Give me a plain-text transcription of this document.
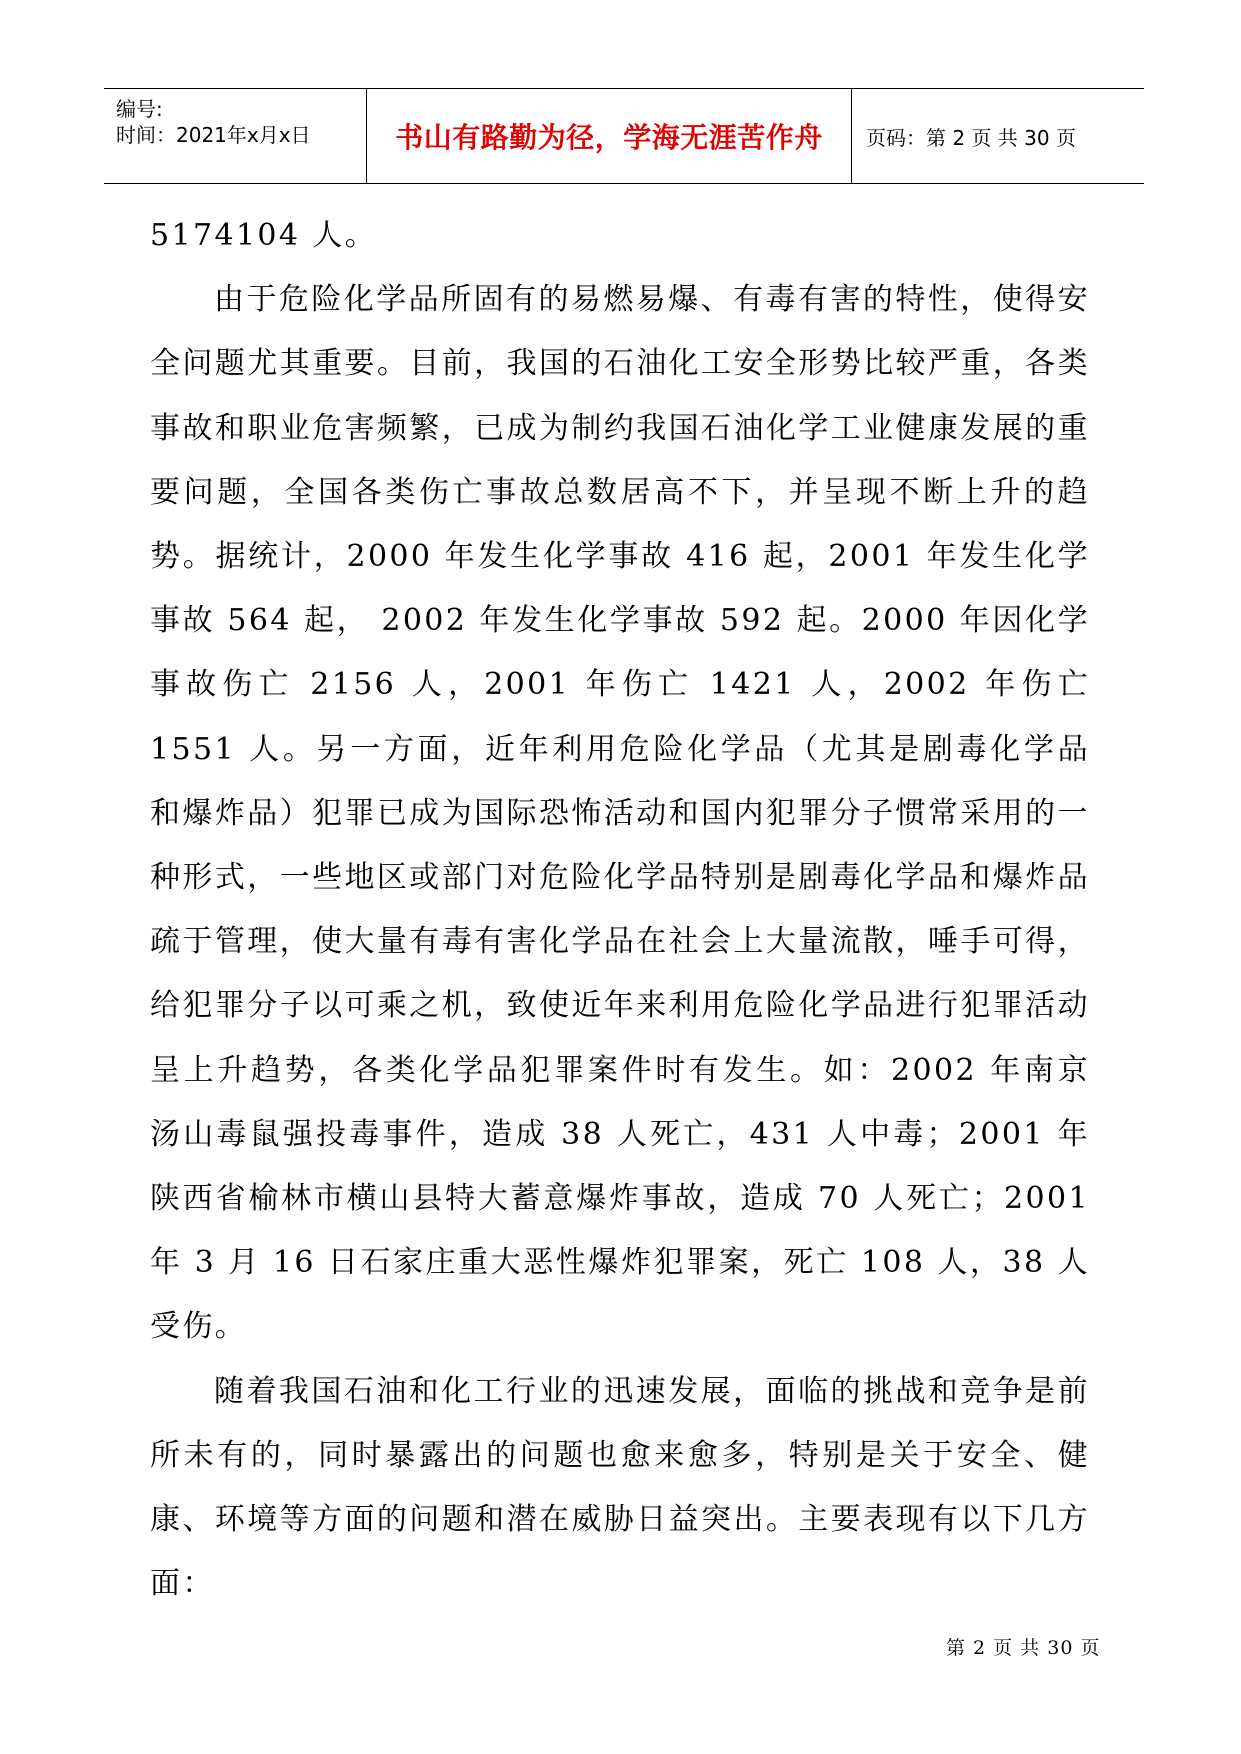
编号:
时间：2021年x月x日	书山有路勤为径，学海无涯苦作舟	页码：第 2 页 共 30 页

5174104 人。

由于危险化学品所固有的易燃易爆、有毒有害的特性，使得安全问题尤其重要。目前，我国的石油化工安全形势比较严重，各类事故和职业危害频繁，已成为制约我国石油化学工业健康发展的重要问题，全国各类伤亡事故总数居高不下，并呈现不断上升的趋势。据统计，2000 年发生化学事故 416 起，2001 年发生化学事故 564 起， 2002 年发生化学事故 592 起。2000 年因化学事故伤亡 2156 人，2001 年伤亡 1421 人，2002 年伤亡 1551 人。另一方面，近年利用危险化学品（尤其是剧毒化学品和爆炸品）犯罪已成为国际恐怖活动和国内犯罪分子惯常采用的一种形式，一些地区或部门对危险化学品特别是剧毒化学品和爆炸品疏于管理，使大量有毒有害化学品在社会上大量流散，唾手可得，给犯罪分子以可乘之机，致使近年来利用危险化学品进行犯罪活动呈上升趋势，各类化学品犯罪案件时有发生。如：2002 年南京汤山毒鼠强投毒事件，造成 38 人死亡，431 人中毒；2001 年陕西省榆林市横山县特大蓄意爆炸事故，造成 70 人死亡；2001 年 3 月 16 日石家庄重大恶性爆炸犯罪案，死亡 108 人，38 人受伤。

随着我国石油和化工行业的迅速发展，面临的挑战和竞争是前所未有的，同时暴露出的问题也愈来愈多，特别是关于安全、健康、环境等方面的问题和潜在威胁日益突出。主要表现有以下几方面：

第 2 页 共 30 页
